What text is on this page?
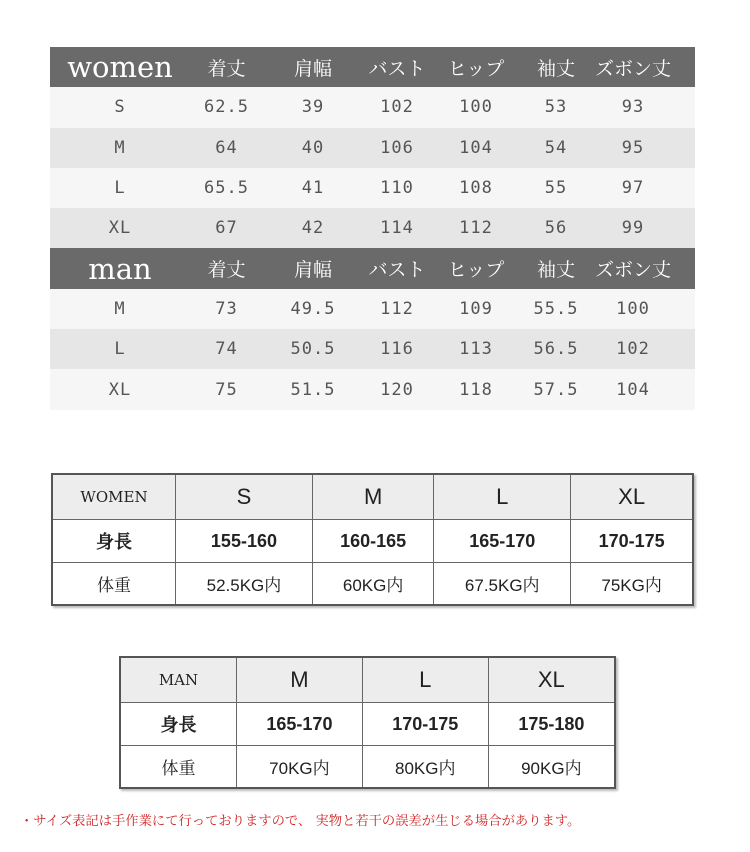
women	着丈	肩幅	バスト	ヒップ	袖丈	ズボン丈
S	62.5	39	102	100	53	93
M	64	40	106	104	54	95
L	65.5	41	110	108	55	97
XL	67	42	114	112	56	99
man	着丈	肩幅	バスト	ヒップ	袖丈	ズボン丈
M	73	49.5	112	109	55.5	100
L	74	50.5	116	113	56.5	102
XL	75	51.5	120	118	57.5	104
WOMEN	S	M	L	XL
身長	155-160	160-165	165-170	170-175
体重	52.5KG内	60KG内	67.5KG内	75KG内
MAN	M	L	XL
身長	165-170	170-175	175-180
体重	70KG内	80KG内	90KG内
・サイズ表記は手作業にて行っておりますので、 実物と若干の誤差が生じる場合があります。
